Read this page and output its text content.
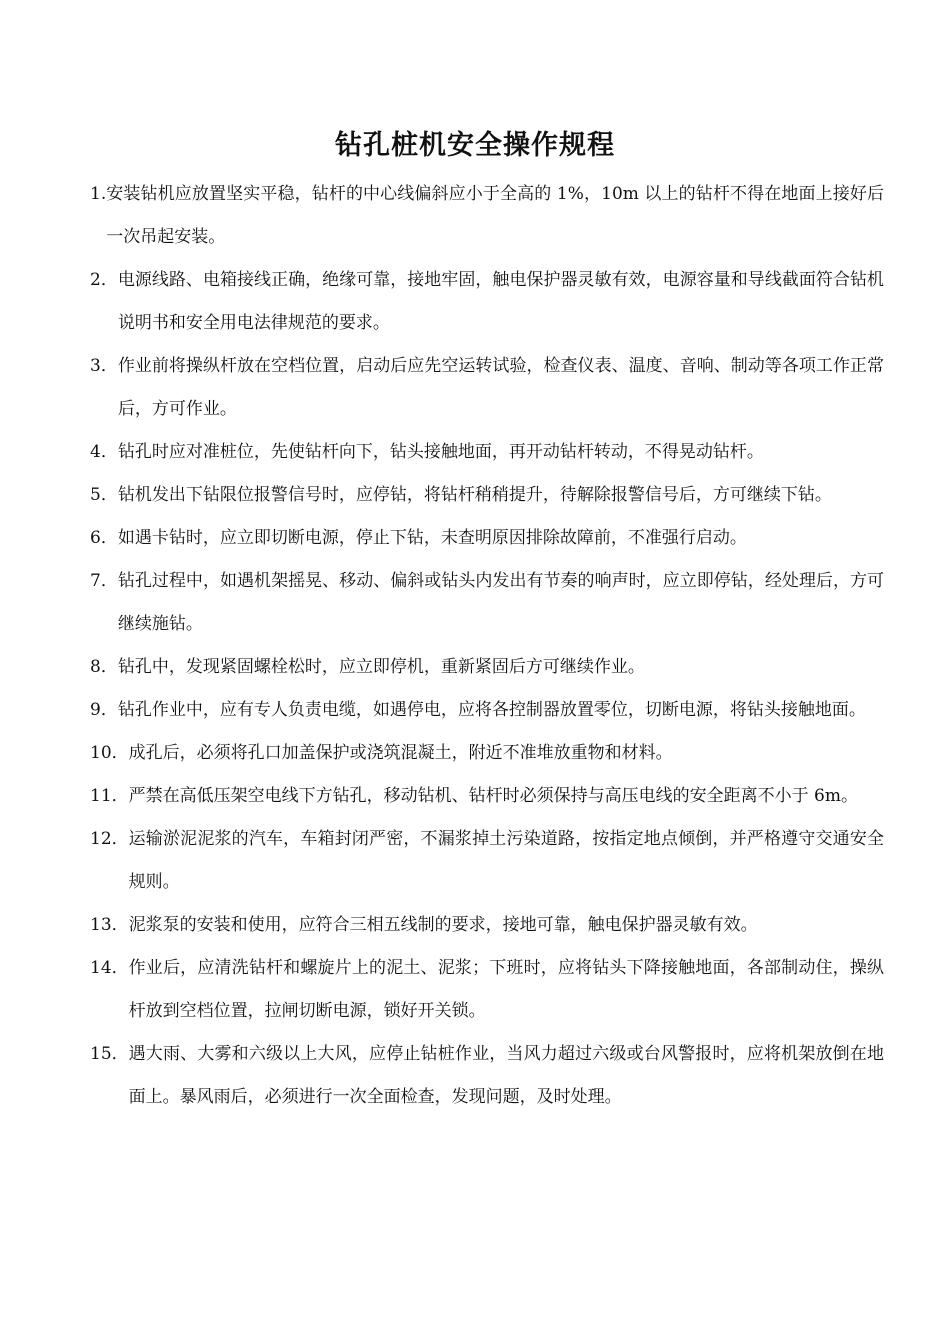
钻孔桩机安全操作规程
1. 安装钻机应放置坚实平稳，钻杆的中心线偏斜应小于全高的 1%，10m 以上的钻杆不得在地面上接好后一次吊起安装。
2． 电源线路、电箱接线正确，绝缘可靠，接地牢固，触电保护器灵敏有效，电源容量和导线截面符合钻机说明书和安全用电法律规范的要求。
3． 作业前将操纵杆放在空档位置，启动后应先空运转试验，检查仪表、温度、音响、制动等各项工作正常后，方可作业。
4． 钻孔时应对准桩位，先使钻杆向下，钻头接触地面，再开动钻杆转动，不得晃动钻杆。
5． 钻机发出下钻限位报警信号时，应停钻，将钻杆稍稍提升，待解除报警信号后，方可继续下钻。
6． 如遇卡钻时，应立即切断电源，停止下钻，未查明原因排除故障前，不准强行启动。
7． 钻孔过程中，如遇机架摇晃、移动、偏斜或钻头内发出有节奏的响声时，应立即停钻，经处理后，方可继续施钻。
8． 钻孔中，发现紧固螺栓松时，应立即停机，重新紧固后方可继续作业。
9． 钻孔作业中，应有专人负责电缆，如遇停电，应将各控制器放置零位，切断电源，将钻头接触地面。
10． 成孔后，必须将孔口加盖保护或浇筑混凝土，附近不准堆放重物和材料。
11． 严禁在高低压架空电线下方钻孔，移动钻机、钻杆时必须保持与高压电线的安全距离不小于 6m。
12． 运输淤泥泥浆的汽车，车箱封闭严密，不漏浆掉土污染道路，按指定地点倾倒，并严格遵守交通安全规则。
13． 泥浆泵的安装和使用，应符合三相五线制的要求，接地可靠，触电保护器灵敏有效。
14． 作业后，应清洗钻杆和螺旋片上的泥土、泥浆；下班时，应将钻头下降接触地面，各部制动住，操纵杆放到空档位置，拉闸切断电源，锁好开关锁。
15． 遇大雨、大雾和六级以上大风，应停止钻桩作业，当风力超过六级或台风警报时，应将机架放倒在地面上。暴风雨后，必须进行一次全面检查，发现问题，及时处理。
